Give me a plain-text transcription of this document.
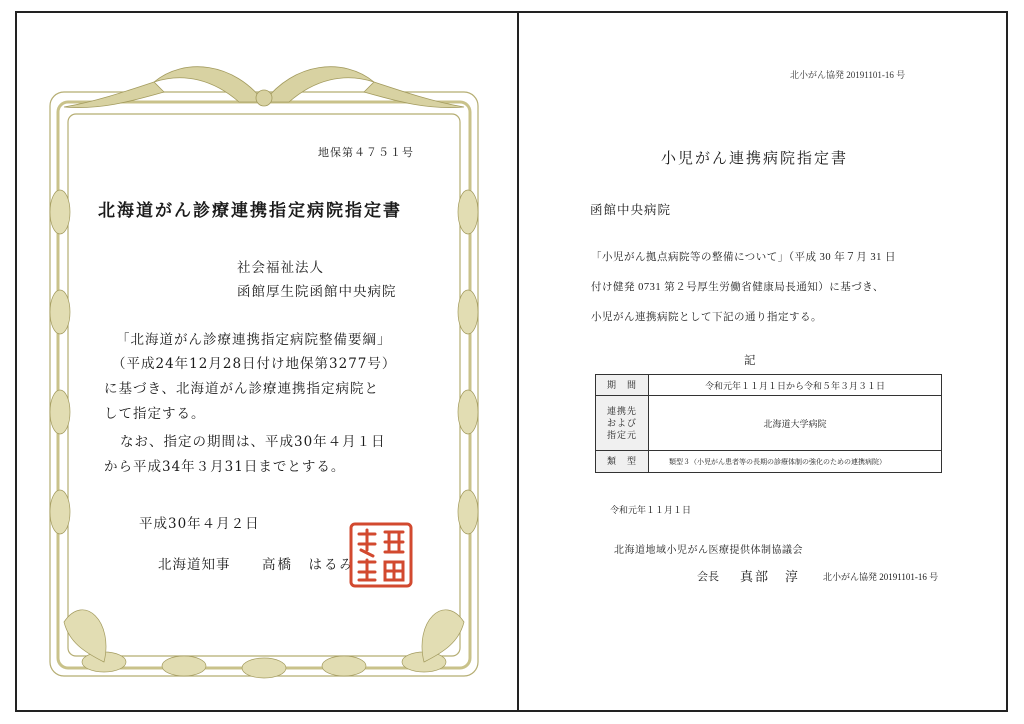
地保第４７５１号
北海道がん診療連携指定病院指定書
社会福祉法人
函館厚生院函館中央病院
「北海道がん診療連携指定病院整備要綱」
（平成24年12月28日付け地保第3277号）
に基づき、北海道がん診療連携指定病院と
して指定する。
なお、指定の期間は、平成30年４月１日
から平成34年３月31日までとする。
平成30年４月２日
北海道知事 高橋　はるみ
北小がん協発 20191101-16 号
小児がん連携病院指定書
函館中央病院
「小児がん拠点病院等の整備について」（平成 30 年７月 31 日
付け健発 0731 第２号厚生労働省健康局長通知）に基づき、
小児がん連携病院として下記の通り指定する。
記
期　間	令和元年１１月１日から令和５年３月３１日

連携先
および
指定元	北海道大学病院
類　型	類型３（小児がん患者等の長期の診療体制の強化のための連携病院）
令和元年１１月１日
北海道地域小児がん医療提供体制協議会
会長 真部　淳	北小がん協発 20191101-16 号
